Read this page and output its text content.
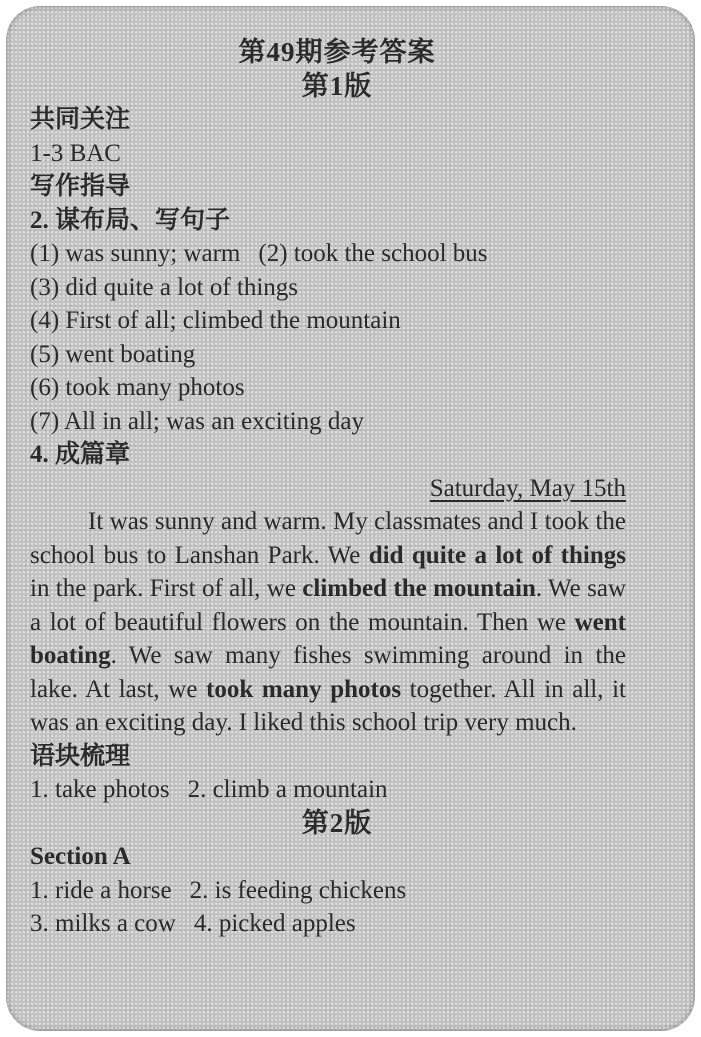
第49期参考答案
第1版
共同关注
1-3 BAC
写作指导
2. 谋布局、写句子
(1) was sunny; warm (2) took the school bus
(3) did quite a lot of things
(4) First of all; climbed the mountain
(5) went boating
(6) took many photos
(7) All in all; was an exciting day
4. 成篇章
Saturday, May 15th
It was sunny and warm. My classmates and I took the school bus to Lanshan Park. We did quite a lot of things in the park. First of all, we climbed the mountain. We saw a lot of beautiful flowers on the mountain. Then we went boating. We saw many fishes swimming around in the lake. At last, we took many photos together. All in all, it was an exciting day. I liked this school trip very much.
语块梳理
1. take photos 2. climb a mountain
第2版
Section A
1. ride a horse 2. is feeding chickens
3. milks a cow 4. picked apples
